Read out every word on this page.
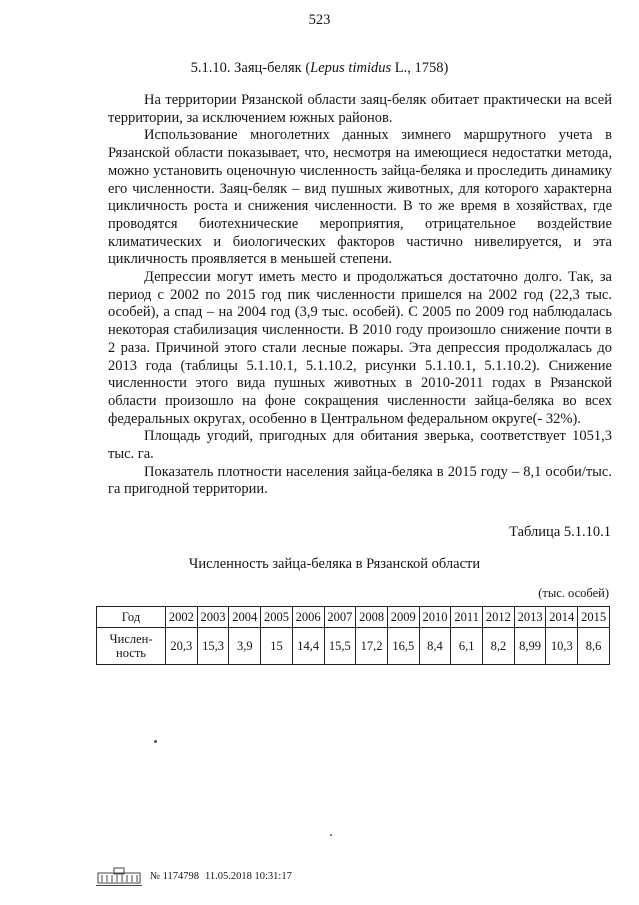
523
5.1.10. Заяц-беляк (Lepus timidus L., 1758)

На территории Рязанской области заяц-беляк обитает практически на всей территории, за исключением южных районов.

Использование многолетних данных зимнего маршрутного учета в Рязанской области показывает, что, несмотря на имеющиеся недостатки метода, можно установить оценочную численность зайца-беляка и проследить динамику его численности. Заяц-беляк – вид пушных животных, для которого характерна цикличность роста и снижения численности. В то же время в хозяйствах, где проводятся биотехнические мероприятия, отрицательное воздействие климатических и биологических факторов частично нивелируется, и эта цикличность проявляется в меньшей степени.

Депрессии могут иметь место и продолжаться достаточно долго. Так, за период с 2002 по 2015 год пик численности пришелся на 2002 год (22,3 тыс. особей), а спад – на 2004 год (3,9 тыс. особей). С 2005 по 2009 год наблюдалась некоторая стабилизация численности. В 2010 году произошло снижение почти в 2 раза. Причиной этого стали лесные пожары. Эта депрессия продолжалась до 2013 года (таблицы 5.1.10.1, 5.1.10.2, рисунки 5.1.10.1, 5.1.10.2). Снижение численности этого вида пушных животных в 2010-2011 годах в Рязанской области произошло на фоне сокращения численности зайца-беляка во всех федеральных округах, особенно в Центральном федеральном округе(- 32%).

Площадь угодий, пригодных для обитания зверька, соответствует 1051,3 тыс. га.

Показатель плотности населения зайца-беляка в 2015 году – 8,1 особи/тыс. га пригодной территории.

Таблица 5.1.10.1
Численность зайца-беляка в Рязанской области
(тыс. особей)
Год	2002	2003	2004	2005	2006	2007	2008	2009	2010	2011	2012	2013	2014	2015
Числен-ность	20,3	15,3	3,9	15	14,4	15,5	17,2	16,5	8,4	6,1	8,2	8,99	10,3	8,6
№ 1174798 11.05.2018 10:31:17
